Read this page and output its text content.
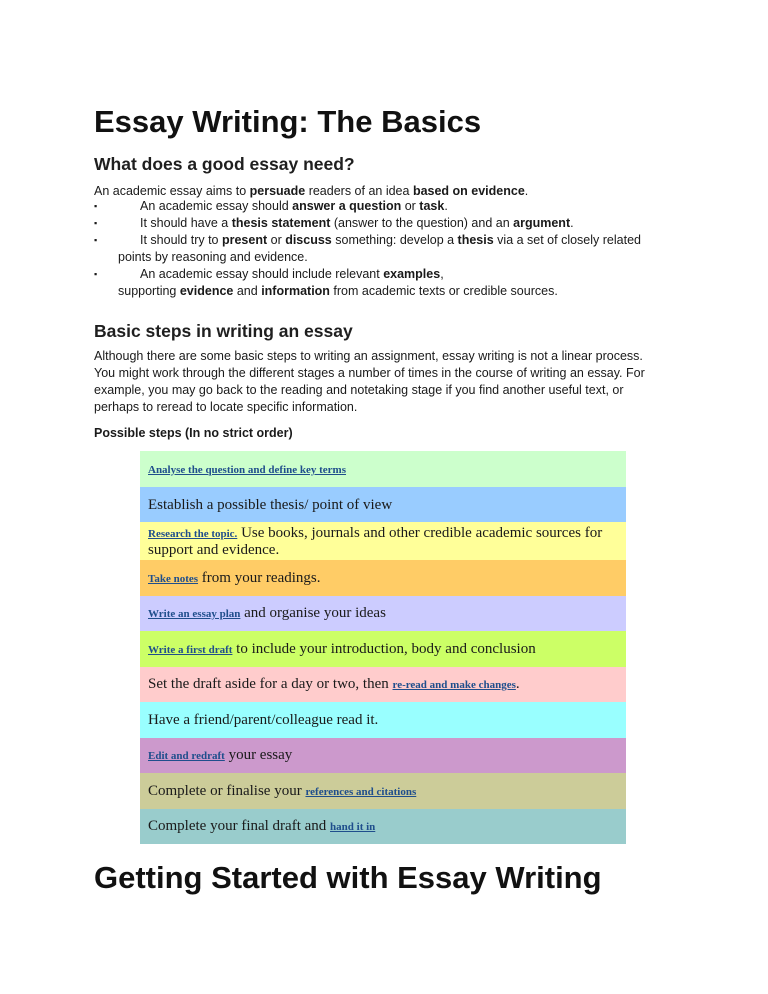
Essay Writing: The Basics
What does a good essay need?

An academic essay aims to persuade readers of an idea based on evidence.

▪	An academic essay should answer a question or task.
▪	It should have a thesis statement (answer to the question) and an argument.
▪	It should try to present or discuss something: develop a thesis via a set of closely related
points by reasoning and evidence.
▪	An academic essay should include relevant examples,
supporting evidence and information from academic texts or credible sources.
Basic steps in writing an essay
Although there are some basic steps to writing an assignment, essay writing is not a linear process.
You might work through the different stages a number of times in the course of writing an essay. For
example, you may go back to the reading and notetaking stage if you find another useful text, or
perhaps to reread to locate specific information.
Possible steps (In no strict order)
Analyse the question and define key terms
Establish a possible thesis/ point of view
Research the topic. Use books, journals and other credible academic sources for support and evidence.
Take notes from your readings.
Write an essay plan and organise your ideas
Write a first draft to include your introduction, body and conclusion
Set the draft aside for a day or two, then re-read and make changes.
Have a friend/parent/colleague read it.
Edit and redraft your essay
Complete or finalise your references and citations
Complete your final draft and hand it in
Getting Started with Essay Writing
